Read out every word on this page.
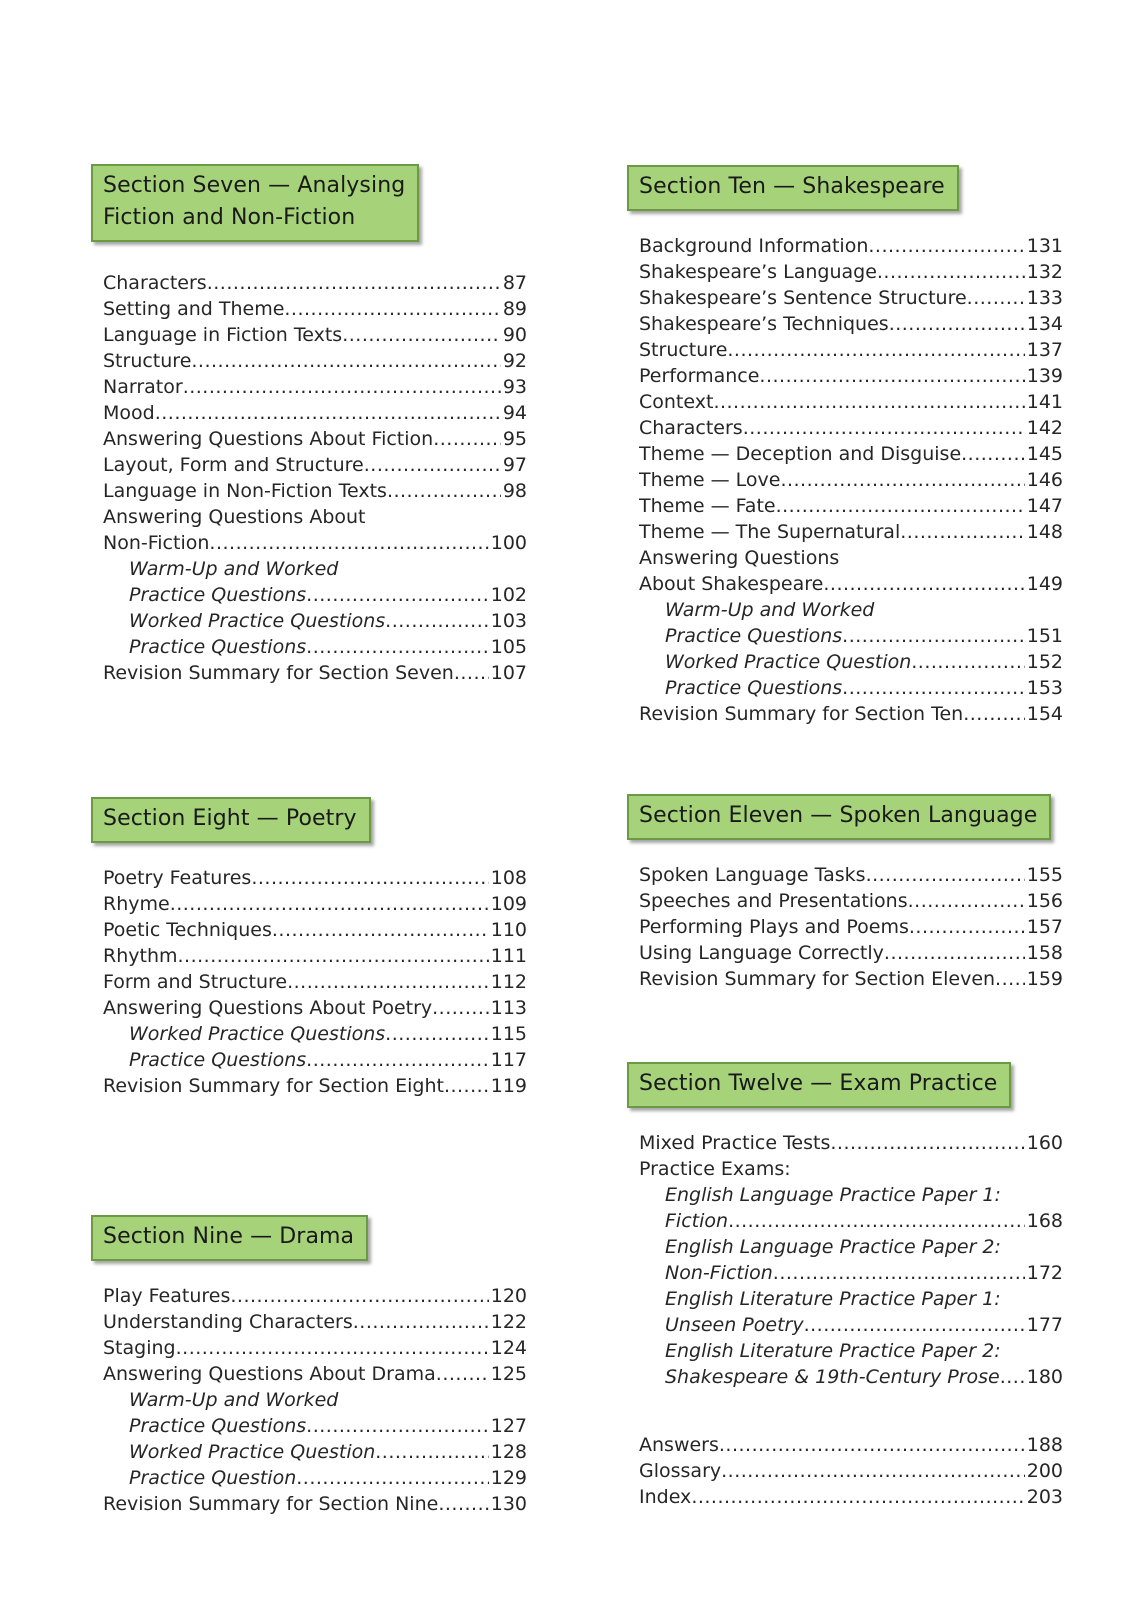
Section Seven — Analysing
Fiction and Non-Fiction
Characters .....	87
Setting and Theme .....	89
Language in Fiction Texts .....	90
Structure .....	92
Narrator .....	93
Mood .....	94
Answering Questions About Fiction .....	95
Layout, Form and Structure .....	97
Language in Non-Fiction Texts .....	98
Answering Questions About
Non-Fiction .....	100
Warm-Up and Worked
Practice Questions .....	102
Worked Practice Questions .....	103
Practice Questions .....	105
Revision Summary for Section Seven ..... 107
Section Eight — Poetry
Poetry Features .....	108
Rhyme .....	109
Poetic Techniques .....	110
Rhythm .....	111
Form and Structure .....	112
Answering Questions About Poetry .....	113
Worked Practice Questions .....	115
Practice Questions .....	117
Revision Summary for Section Eight ..... 119
Section Nine — Drama
Play Features .....	120
Understanding Characters .....	122
Staging .....	124
Answering Questions About Drama .....	125
Warm-Up and Worked
Practice Questions .....	127
Worked Practice Question .....	128
Practice Question .....	129
Revision Summary for Section Nine .....	130
Section Ten — Shakespeare
Background Information .....	131
Shakespeare’s Language .....	132
Shakespeare’s Sentence Structure .....	133
Shakespeare’s Techniques .....	134
Structure .....	137
Performance .....	139
Context .....	141
Characters .....	142
Theme — Deception and Disguise .....	145
Theme — Love .....	146
Theme — Fate .....	147
Theme — The Supernatural .....	148
Answering Questions
About Shakespeare .....	149
Warm-Up and Worked
Practice Questions .....	151
Worked Practice Question .....	152
Practice Questions .....	153
Revision Summary for Section Ten .....	154
Section Eleven — Spoken Language
Spoken Language Tasks .....	155
Speeches and Presentations .....	156
Performing Plays and Poems .....	157
Using Language Correctly .....	158
Revision Summary for Section Eleven ..... 159
Section Twelve — Exam Practice
Mixed Practice Tests .....	160
Practice Exams:
English Language Practice Paper 1:
Fiction .....	168
English Language Practice Paper 2:
Non-Fiction .....	172
English Literature Practice Paper 1:
Unseen Poetry .....	177
English Literature Practice Paper 2:
Shakespeare & 19th-Century Prose ..... 180
Answers .....	188
Glossary .....	200
Index .....	203
